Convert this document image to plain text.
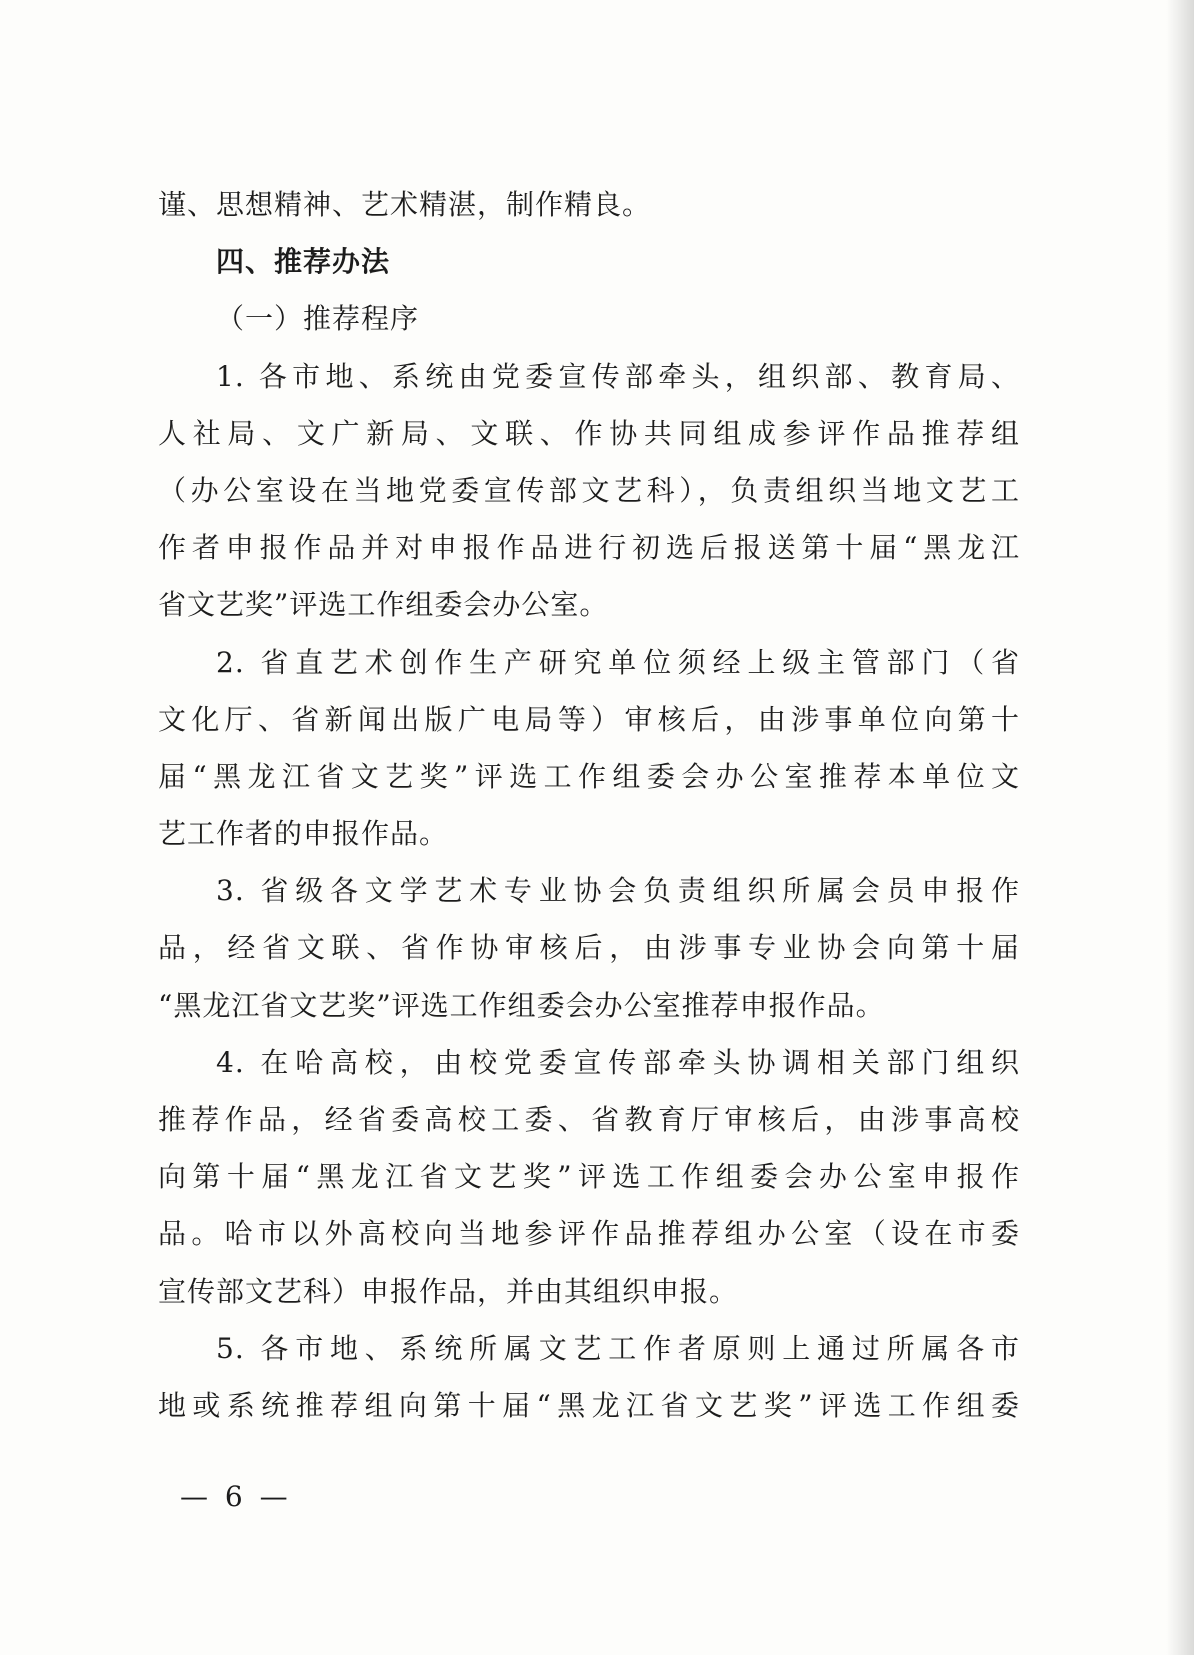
谨、思想精神、艺术精湛，制作精良。
四、推荐办法
（一）推荐程序
1. 各市地、系统由党委宣传部牵头，组织部、教育局、
人社局、文广新局、文联、作协共同组成参评作品推荐组
（办公室设在当地党委宣传部文艺科），负责组织当地文艺工
作者申报作品并对申报作品进行初选后报送第十届“黑龙江
省文艺奖”评选工作组委会办公室。
2. 省直艺术创作生产研究单位须经上级主管部门（省
文化厅、省新闻出版广电局等）审核后，由涉事单位向第十
届“黑龙江省文艺奖”评选工作组委会办公室推荐本单位文
艺工作者的申报作品。
3. 省级各文学艺术专业协会负责组织所属会员申报作
品，经省文联、省作协审核后，由涉事专业协会向第十届
“黑龙江省文艺奖”评选工作组委会办公室推荐申报作品。
4. 在哈高校，由校党委宣传部牵头协调相关部门组织
推荐作品，经省委高校工委、省教育厅审核后，由涉事高校
向第十届“黑龙江省文艺奖”评选工作组委会办公室申报作
品。哈市以外高校向当地参评作品推荐组办公室（设在市委
宣传部文艺科）申报作品，并由其组织申报。
5. 各市地、系统所属文艺工作者原则上通过所属各市
地或系统推荐组向第十届“黑龙江省文艺奖”评选工作组委
— 6 —
